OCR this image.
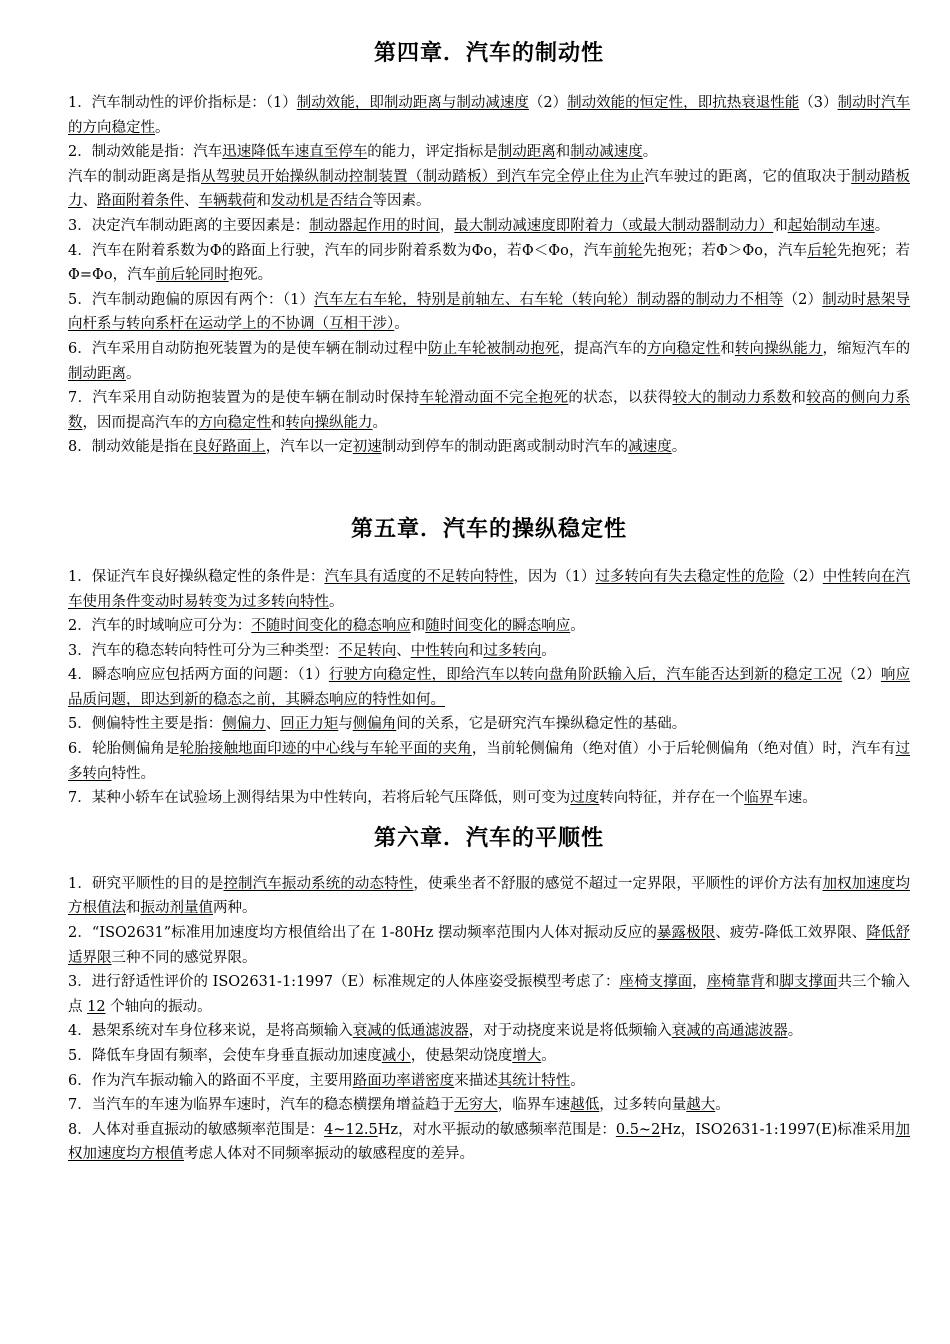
第四章．汽车的制动性

1．汽车制动性的评价指标是：（1）制动效能，即制动距离与制动减速度（2）制动效能的恒定性，即抗热衰退性能（3）制动时汽车的方向稳定性。

2．制动效能是指：汽车迅速降低车速直至停车的能力，评定指标是制动距离和制动减速度。

汽车的制动距离是指从驾驶员开始操纵制动控制装置（制动踏板）到汽车完全停止住为止汽车驶过的距离，它的值取决于制动踏板力、路面附着条件、车辆载荷和发动机是否结合等因素。

3．决定汽车制动距离的主要因素是：制动器起作用的时间，最大制动减速度即附着力（或最大制动器制动力）和起始制动车速。

4．汽车在附着系数为Φ的路面上行驶，汽车的同步附着系数为Φo，若Φ＜Φo，汽车前轮先抱死；若Φ＞Φo，汽车后轮先抱死；若Φ=Φo，汽车前后轮同时抱死。

5．汽车制动跑偏的原因有两个：（1）汽车左右车轮，特别是前轴左、右车轮（转向轮）制动器的制动力不相等（2）制动时悬架导向杆系与转向系杆在运动学上的不协调（互相干涉）。

6．汽车采用自动防抱死装置为的是使车辆在制动过程中防止车轮被制动抱死，提高汽车的方向稳定性和转向操纵能力，缩短汽车的制动距离。

7．汽车采用自动防抱装置为的是使车辆在制动时保持车轮滑动面不完全抱死的状态，以获得较大的制动力系数和较高的侧向力系数，因而提高汽车的方向稳定性和转向操纵能力。

8．制动效能是指在良好路面上，汽车以一定初速制动到停车的制动距离或制动时汽车的减速度。

第五章．汽车的操纵稳定性

1．保证汽车良好操纵稳定性的条件是：汽车具有适度的不足转向特性，因为（1）过多转向有失去稳定性的危险（2）中性转向在汽车使用条件变动时易转变为过多转向特性。

2．汽车的时域响应可分为：不随时间变化的稳态响应和随时间变化的瞬态响应。

3．汽车的稳态转向特性可分为三种类型：不足转向、中性转向和过多转向。

4．瞬态响应应包括两方面的问题：（1）行驶方向稳定性，即给汽车以转向盘角阶跃输入后，汽车能否达到新的稳定工况（2）响应品质问题，即达到新的稳态之前，其瞬态响应的特性如何。

5．侧偏特性主要是指：侧偏力、回正力矩与侧偏角间的关系，它是研究汽车操纵稳定性的基础。

6．轮胎侧偏角是轮胎接触地面印迹的中心线与车轮平面的夹角，当前轮侧偏角（绝对值）小于后轮侧偏角（绝对值）时，汽车有过多转向特性。

7．某种小轿车在试验场上测得结果为中性转向，若将后轮气压降低，则可变为过度转向特征，并存在一个临界车速。

第六章．汽车的平顺性

1．研究平顺性的目的是控制汽车振动系统的动态特性，使乘坐者不舒服的感觉不超过一定界限，平顺性的评价方法有加权加速度均方根值法和振动剂量值两种。

2．“ISO2631”标准用加速度均方根值给出了在 1-80Hz 摆动频率范围内人体对振动反应的暴露极限、疲劳-降低工效界限、降低舒适界限三种不同的感觉界限。

3．进行舒适性评价的 ISO2631-1:1997（E）标准规定的人体座姿受振模型考虑了：座椅支撑面，座椅靠背和脚支撑面共三个输入点 12 个轴向的振动。

4．悬架系统对车身位移来说，是将高频输入衰减的低通滤波器，对于动挠度来说是将低频输入衰减的高通滤波器。

5．降低车身固有频率，会使车身垂直振动加速度减小，使悬架动饶度增大。

6．作为汽车振动输入的路面不平度，主要用路面功率谱密度来描述其统计特性。

7．当汽车的车速为临界车速时，汽车的稳态横摆角增益趋于无穷大，临界车速越低，过多转向量越大。

8．人体对垂直振动的敏感频率范围是：4~12.5Hz，对水平振动的敏感频率范围是：0.5~2Hz，ISO2631-1:1997(E)标准采用加权加速度均方根值考虑人体对不同频率振动的敏感程度的差异。
